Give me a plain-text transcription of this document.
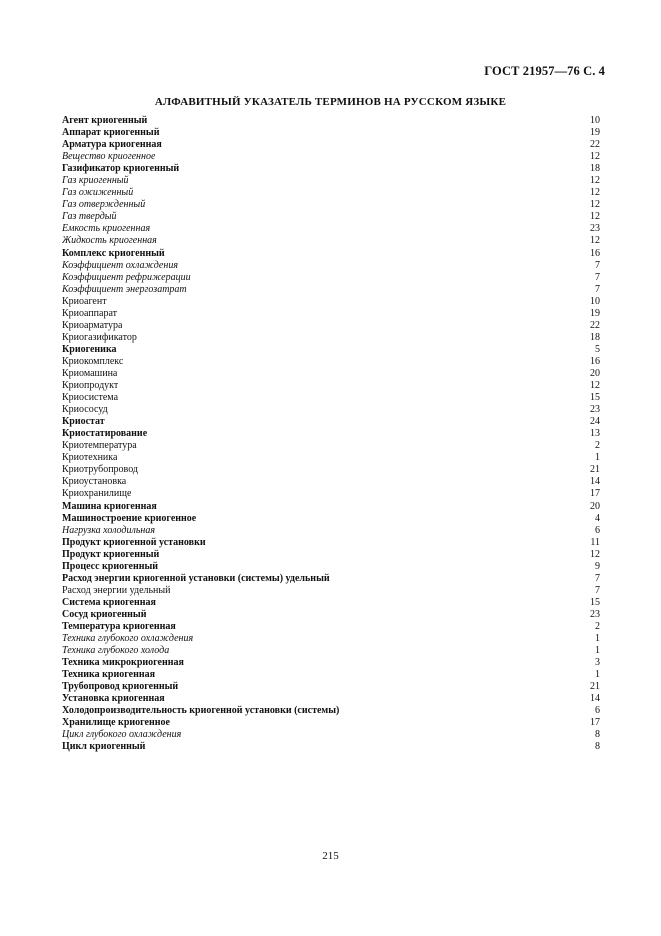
ГОСТ 21957—76 С. 4
АЛФАВИТНЫЙ УКАЗАТЕЛЬ ТЕРМИНОВ НА РУССКОМ ЯЗЫКЕ
Агент криогенный	10
Аппарат криогенный	19
Арматура криогенная	22
Вещество криогенное	12
Газификатор криогенный	18
Газ криогенный	12
Газ ожиженный	12
Газ отвержденный	12
Газ твердый	12
Емкость криогенная	23
Жидкость криогенная	12
Комплекс криогенный	16
Коэффициент охлаждения	7
Коэффициент рефрижерации	7
Коэффициент энергозатрат	7
Криоагент	10
Криоаппарат	19
Криоарматура	22
Криогазификатор	18
Криогеника	5
Криокомплекс	16
Криомашина	20
Криопродукт	12
Криосистема	15
Криососуд	23
Криостат	24
Криостатирование	13
Криотемпература	2
Криотехника	1
Криотрубопровод	21
Криоустановка	14
Криохранилище	17
Машина криогенная	20
Машиностроение криогенное	4
Нагрузка холодильная	6
Продукт криогенной установки	11
Продукт криогенный	12
Процесс криогенный	9
Расход энергии криогенной установки (системы) удельный	7
Расход энергии удельный	7
Система криогенная	15
Сосуд криогенный	23
Температура криогенная	2
Техника глубокого охлаждения	1
Техника глубокого холода	1
Техника микрокриогенная	3
Техника криогенная	1
Трубопровод криогенный	21
Установка криогенная	14
Холодопроизводительность криогенной установки (системы)	6
Хранилище криогенное	17
Цикл глубокого охлаждения	8
Цикл криогенный	8
215
